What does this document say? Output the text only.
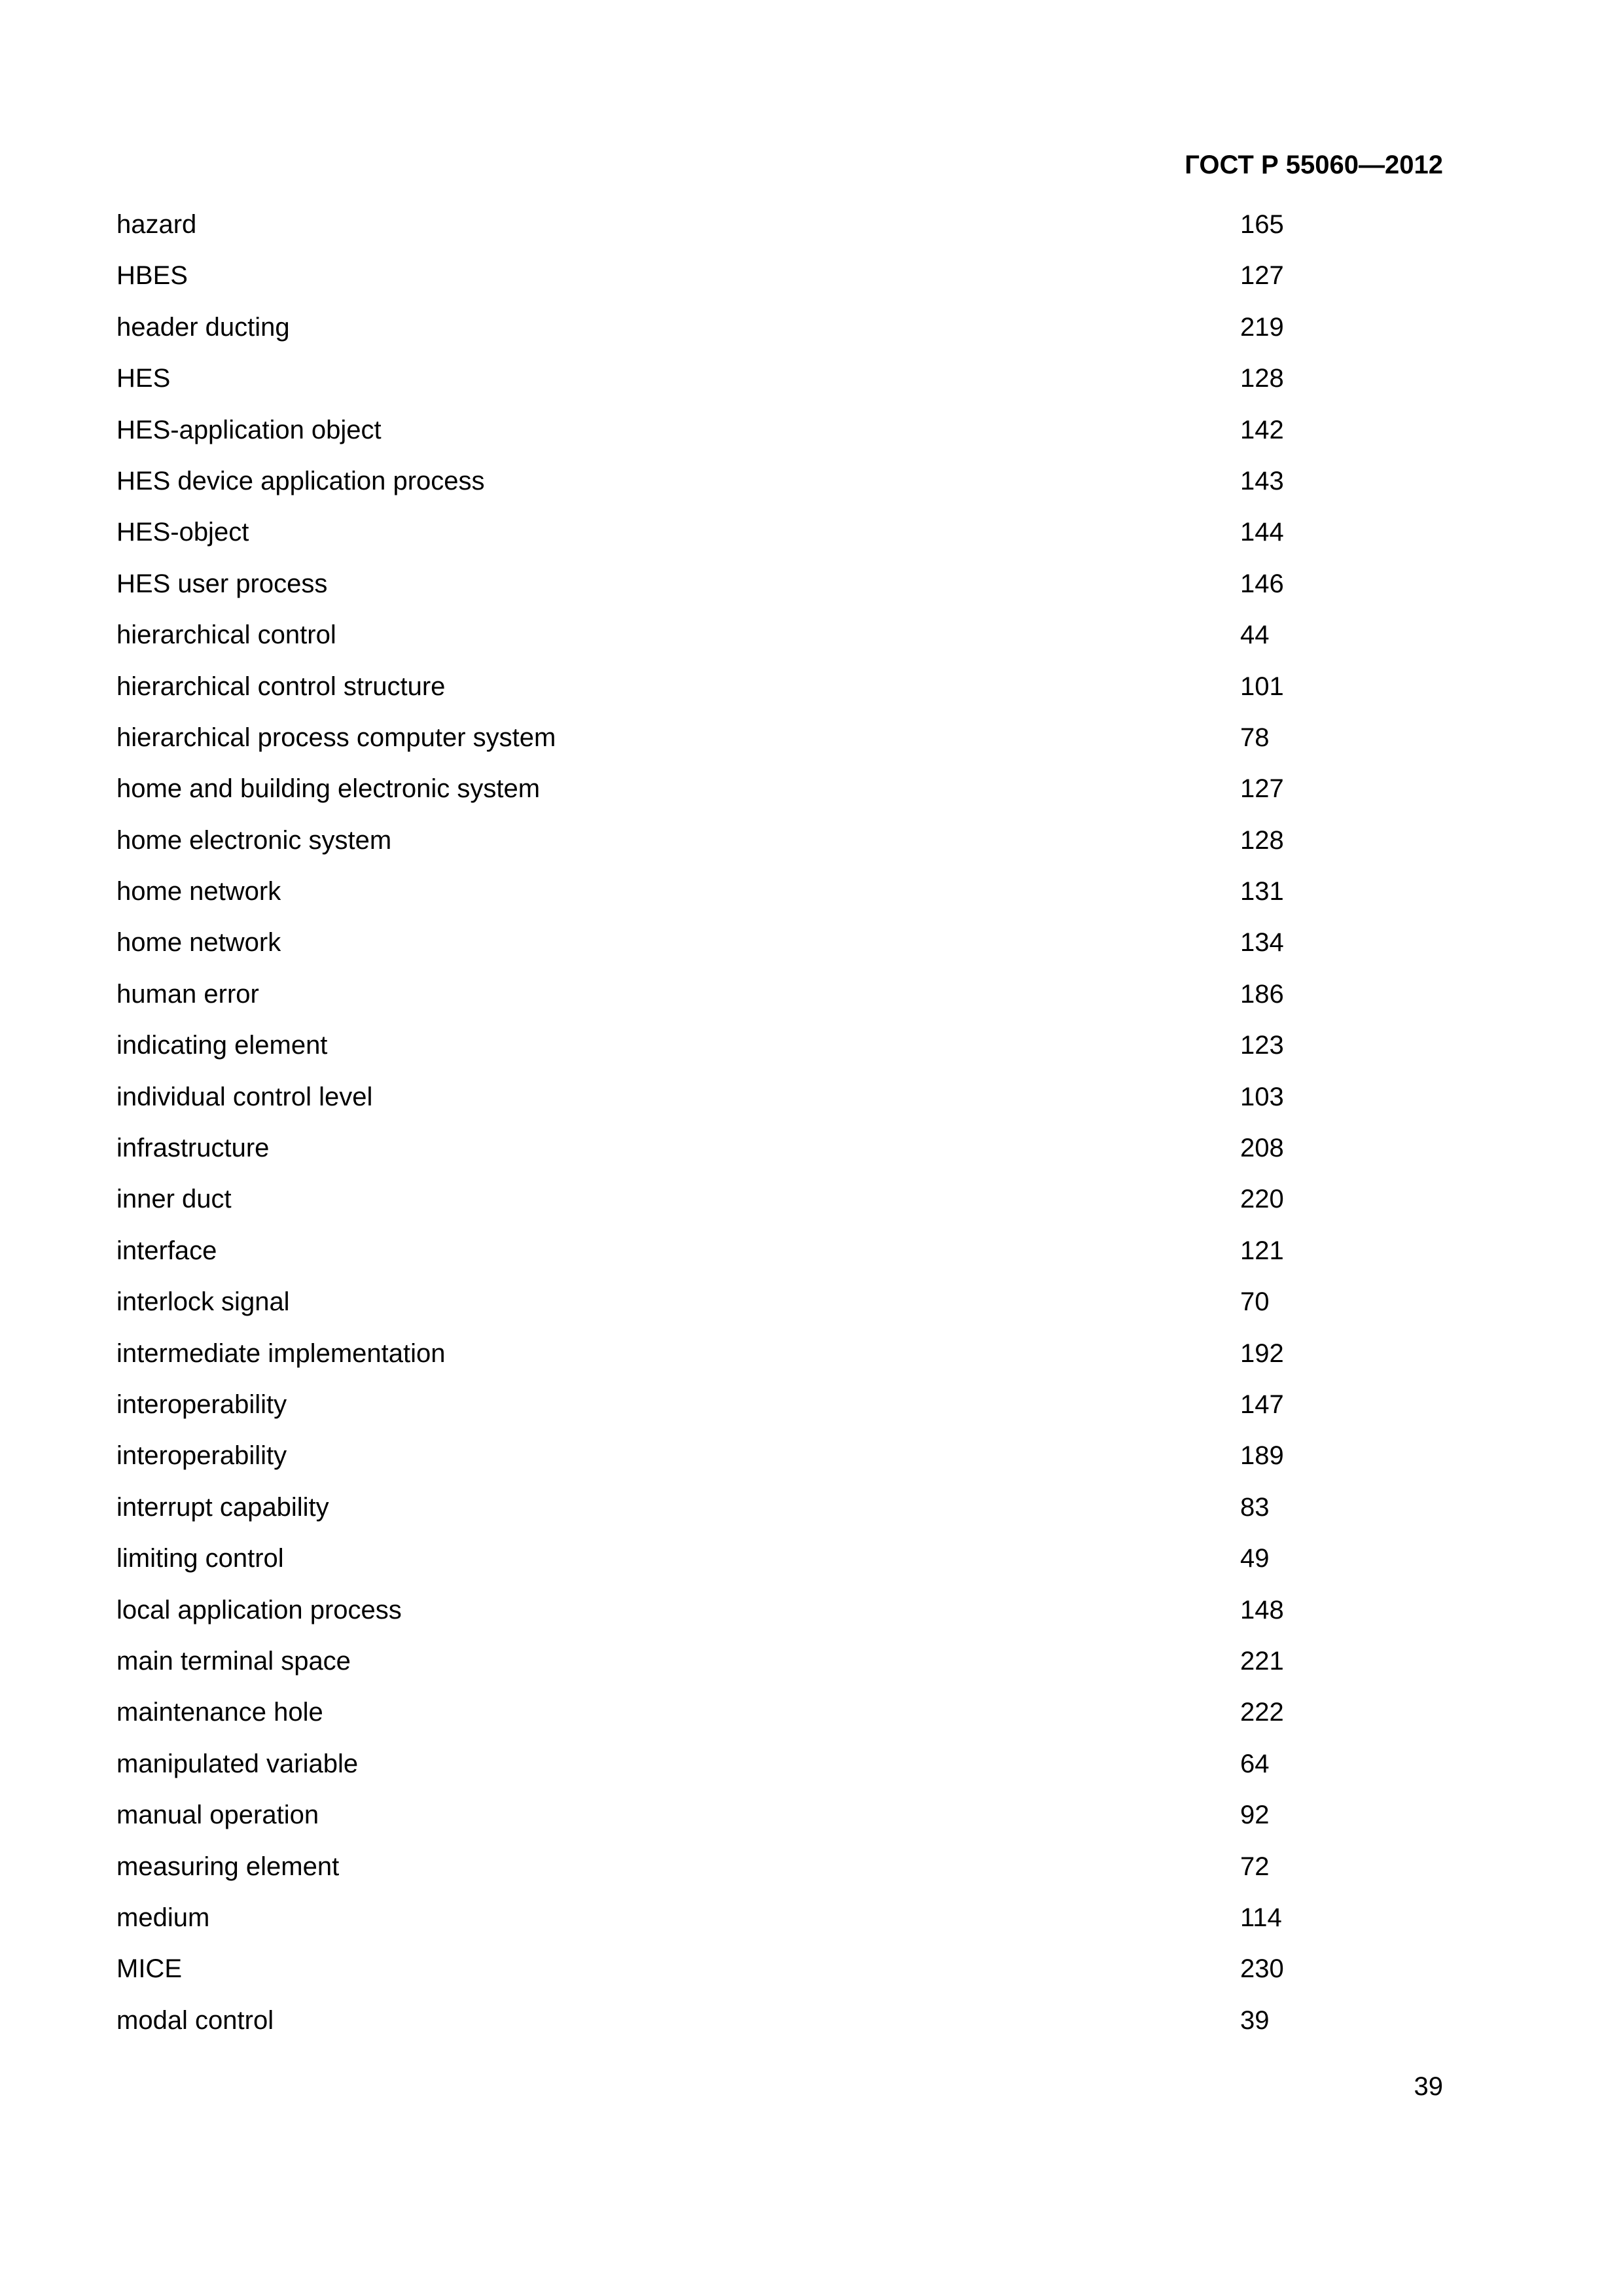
ГОСТ Р 55060—2012
hazard	165
HBES	127
header ducting	219
HES	128
HES-application object	142
HES device application process	143
HES-object	144
HES user process	146
hierarchical control	44
hierarchical control structure	101
hierarchical process computer system	78
home and building electronic system	127
home electronic system	128
home network	131
home network	134
human error	186
indicating element	123
individual control level	103
infrastructure	208
inner duct	220
interface	121
interlock signal	70
intermediate implementation	192
interoperability	147
interoperability	189
interrupt capability	83
limiting control	49
local application process	148
main terminal space	221
maintenance hole	222
manipulated variable	64
manual operation	92
measuring element	72
medium	114
MICE	230
modal control	39
39
